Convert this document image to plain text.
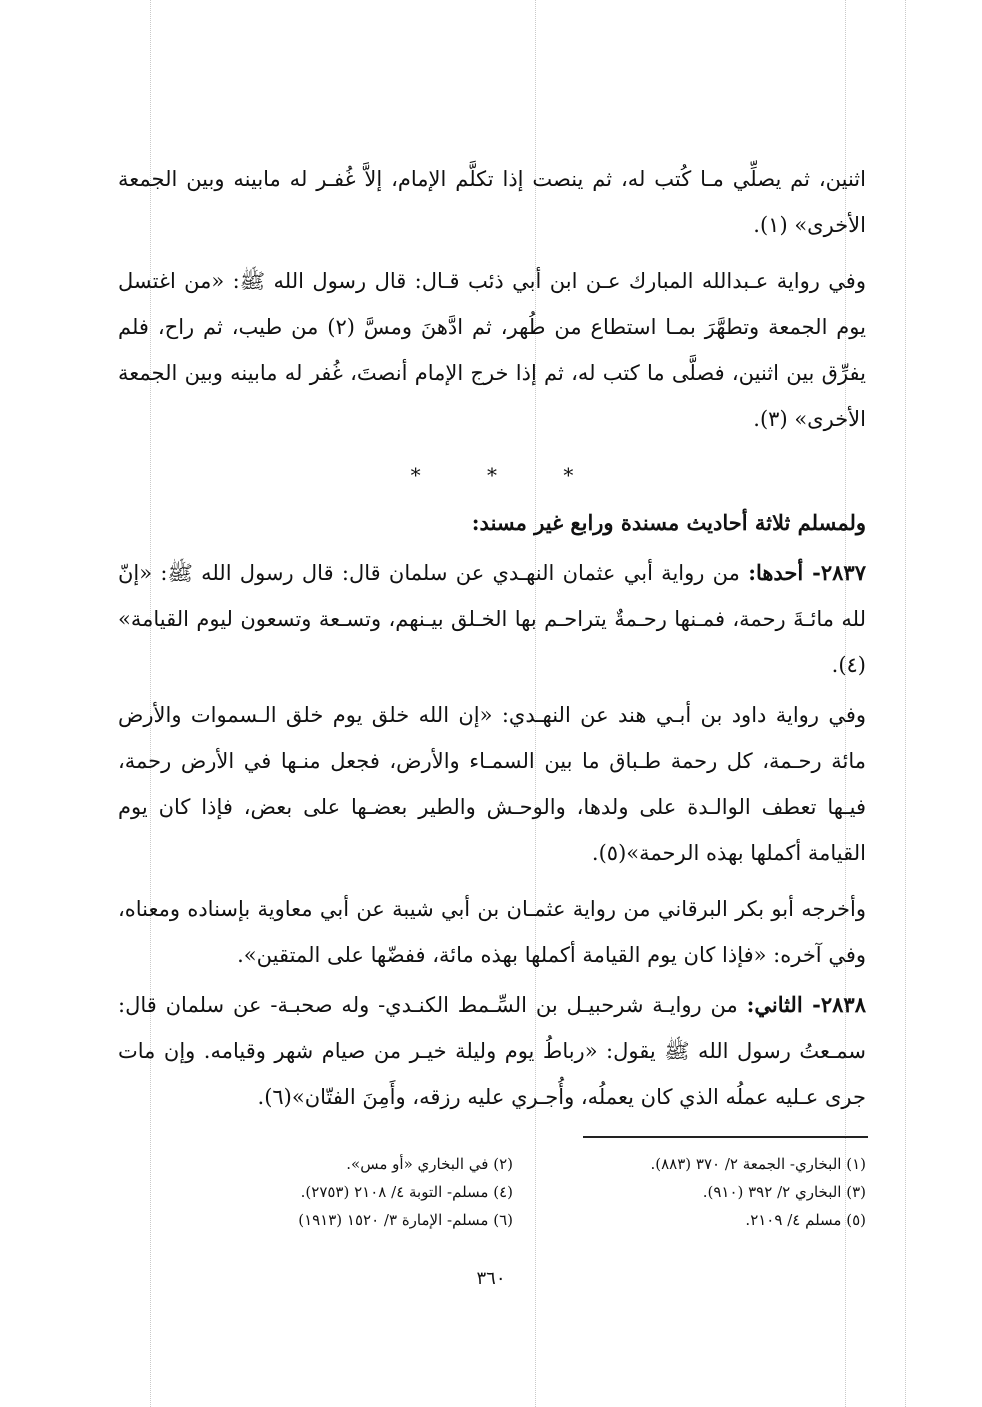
اثنين، ثم يصلِّي مـا كُتب له، ثم ينصت إذا تكلَّم الإمام، إلاَّ غُفـر له مابينه وبين الجمعة الأخرى» (١).

وفي رواية عـبدالله المبارك عـن ابن أبي ذئب قـال: قال رسول الله ﷺ: «من اغتسل يوم الجمعة وتطهَّرَ بمـا استطاع من طُهر، ثم ادَّهنَ ومسَّ (٢) من طيب، ثم راح، فلم يفرِّق بين اثنين، فصلَّى ما كتب له، ثم إذا خرج الإمام أنصتَ، غُفر له مابينه وبين الجمعة الأخرى» (٣).

* * *

ولمسلم ثلاثة أحاديث مسندة ورابع غير مسند:

٢٨٣٧- أحدها: من رواية أبي عثمان النهـدي عن سلمان قال: قال رسول الله ﷺ: «إنّ لله مائـةَ رحمة، فمـنها رحـمةٌ يتراحـم بها الخـلق بيـنهم، وتسـعة وتسعون ليوم القيامة» (٤).

وفي رواية داود بن أبـي هند عن النهـدي: «إن الله خلق يوم خلق الـسموات والأرض مائة رحـمة، كل رحمة طـباق ما بين السمـاء والأرض، فجعل منـها في الأرض رحمة، فيـها تعطف الوالـدة على ولدها، والوحـش والطير بعضـها على بعض، فإذا كان يوم القيامة أكملها بهذه الرحمة»(٥).

وأخرجه أبو بكر البرقاني من رواية عثمـان بن أبي شيبة عن أبي معاوية بإسناده ومعناه، وفي آخره: «فإذا كان يوم القيامة أكملها بهذه مائة، ففضّها على المتقين».

٢٨٣٨- الثاني: من روايـة شرحبيـل بن السِّـمط الكنـدي- وله صحبـة- عن سلمان قال: سمـعتُ رسول الله ﷺ يقول: «رباطُ يوم وليلة خيـر من صيام شهر وقيامه. وإن مات جرى عـليه عملُه الذي كان يعملُه، وأُجـري عليه رزقه، وأَمِنَ الفتّان»(٦).

(١) البخاري- الجمعة ٢/ ٣٧٠ (٨٨٣).
(٢) في البخاري «أو مس».
(٣) البخاري ٢/ ٣٩٢ (٩١٠).
(٤) مسلم- التوبة ٤/ ٢١٠٨ (٢٧٥٣).
(٥) مسلم ٤/ ٢١٠٩.
(٦) مسلم- الإمارة ٣/ ١٥٢٠ (١٩١٣)
٣٦٠
